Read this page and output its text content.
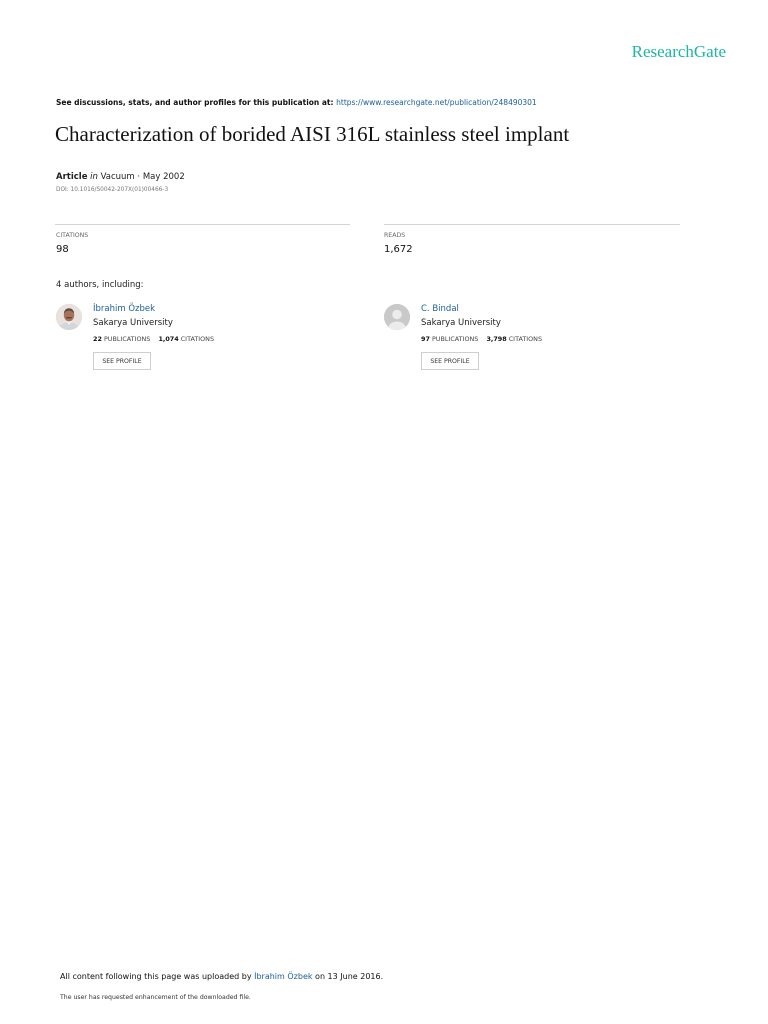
ResearchGate
See discussions, stats, and author profiles for this publication at: https://www.researchgate.net/publication/248490301
Characterization of borided AISI 316L stainless steel implant
Article in Vacuum · May 2002
DOI: 10.1016/S0042-207X(01)00466-3
CITATIONS
98
READS
1,672
4 authors, including:
İbrahim Özbek
Sakarya University
22 PUBLICATIONS 1,074 CITATIONS
SEE PROFILE
C. Bindal
Sakarya University
97 PUBLICATIONS 3,798 CITATIONS
SEE PROFILE
All content following this page was uploaded by İbrahim Özbek on 13 June 2016.
The user has requested enhancement of the downloaded file.
